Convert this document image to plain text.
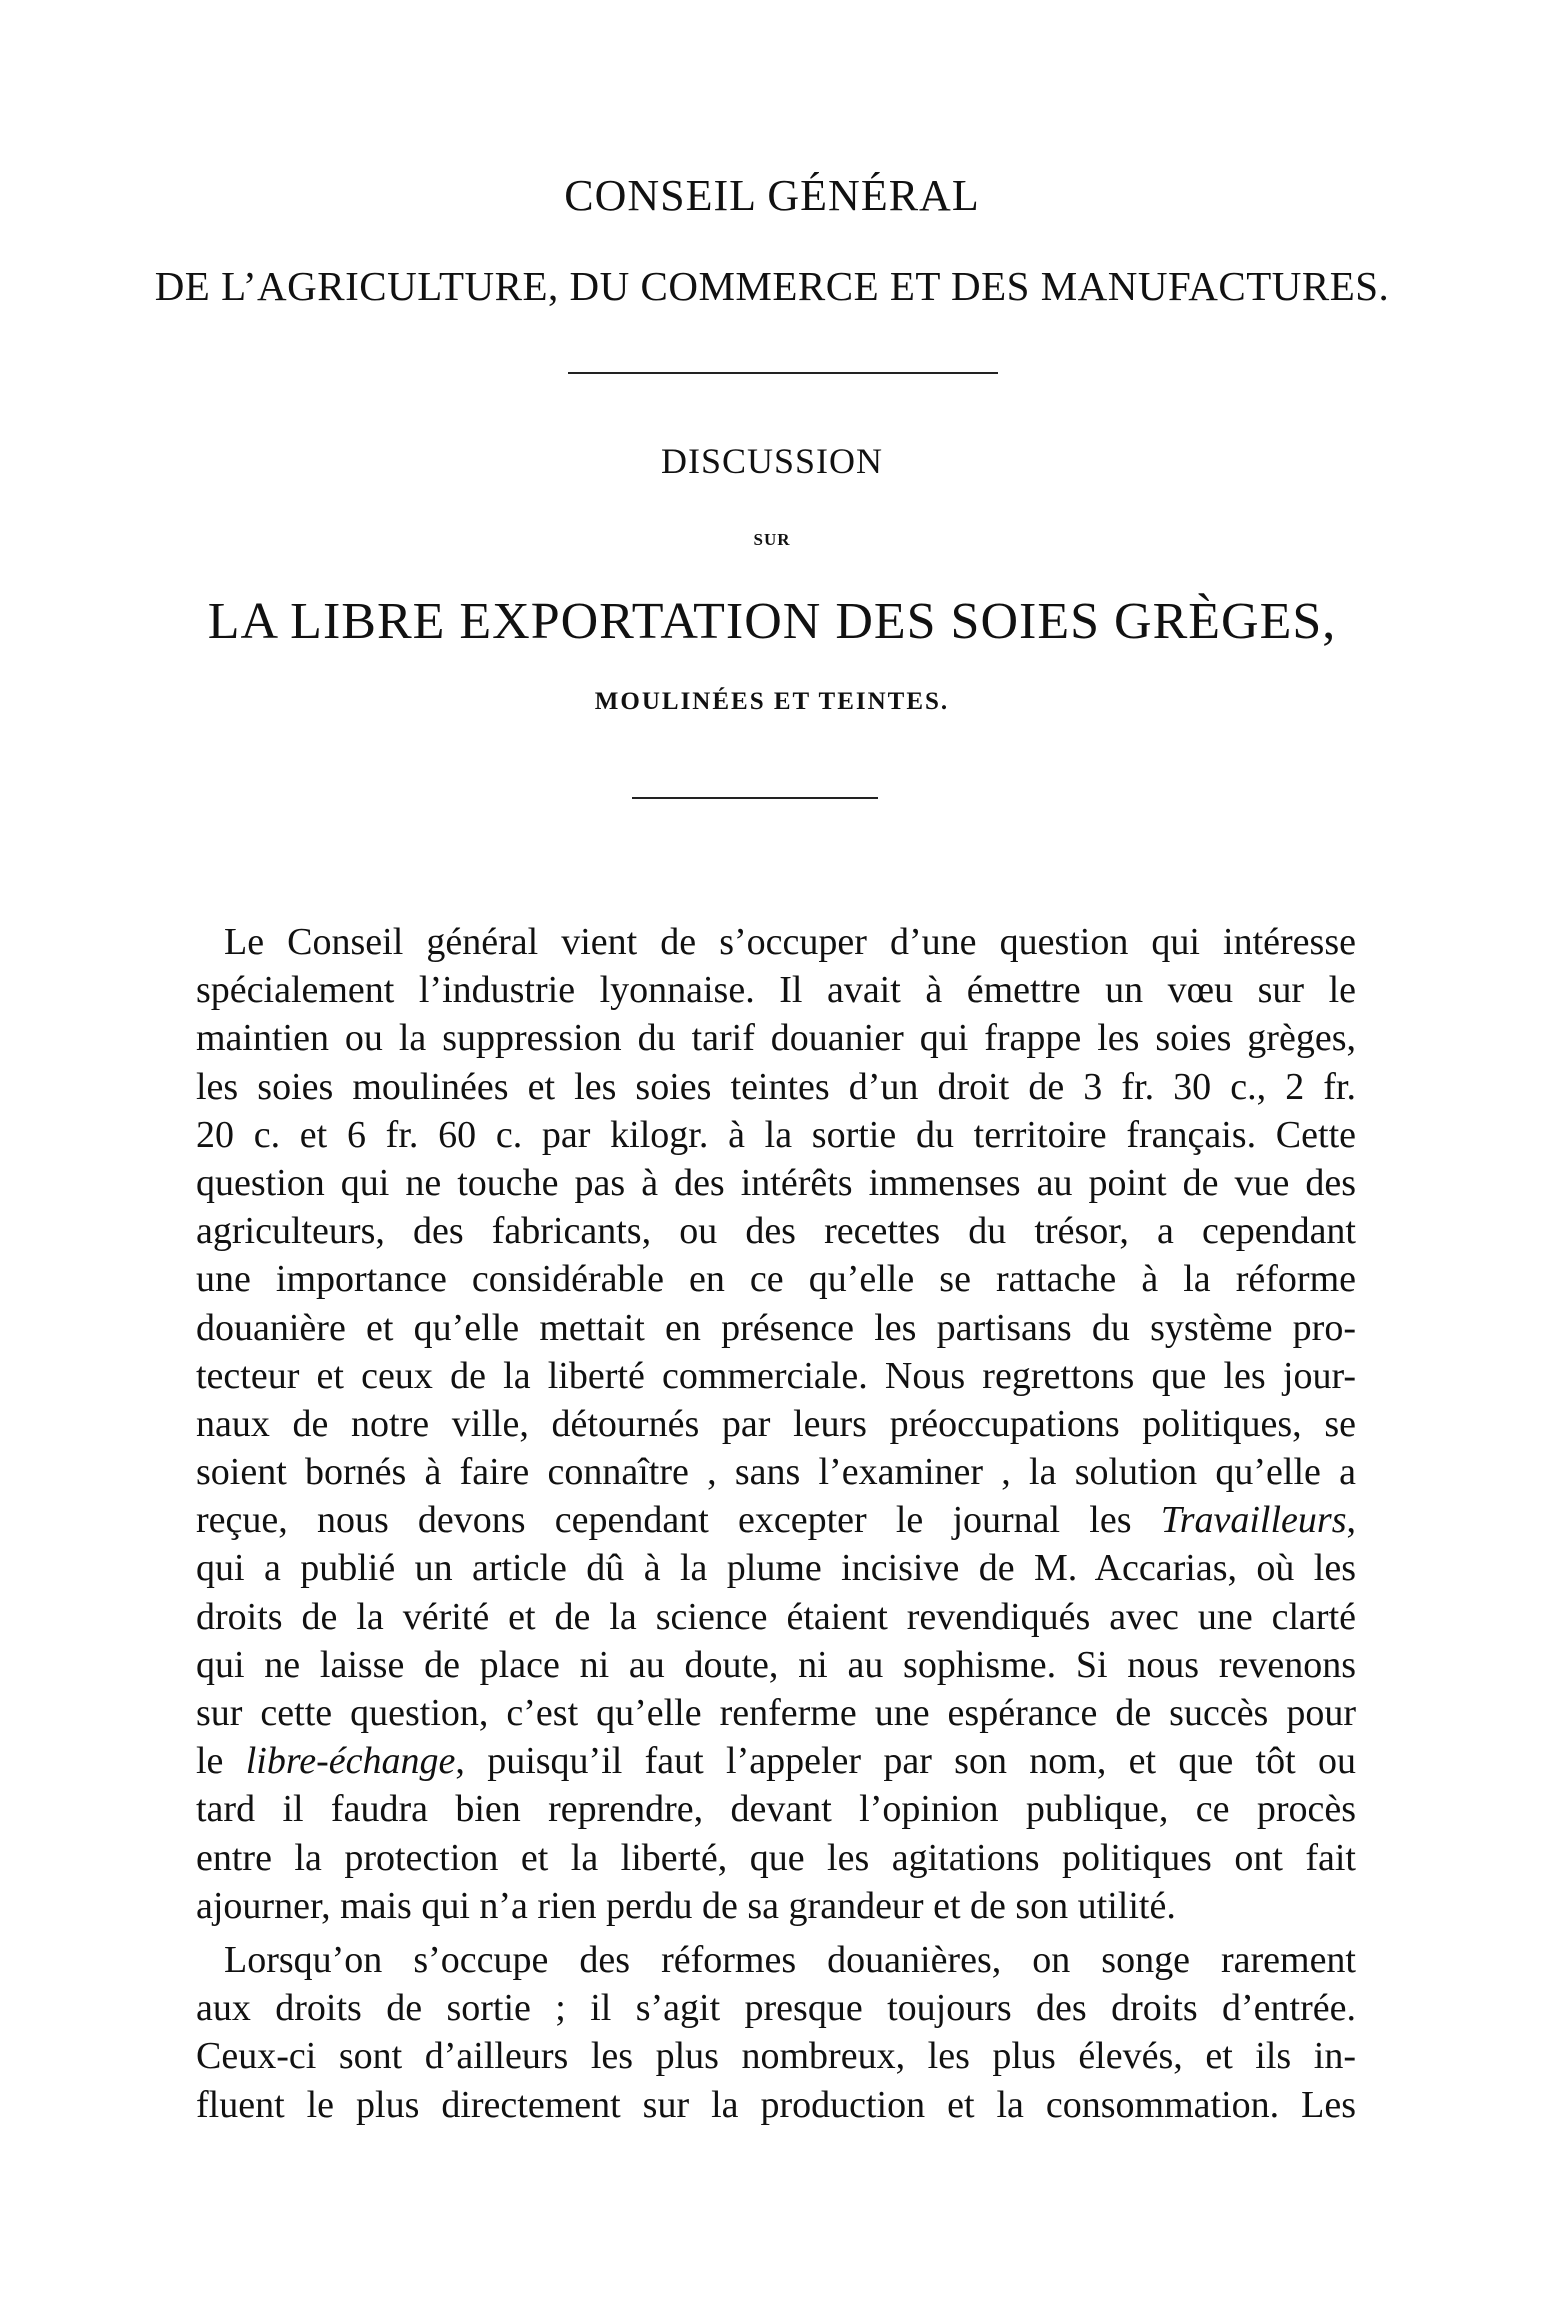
CONSEIL GÉNÉRAL
DE L’AGRICULTURE, DU COMMERCE ET DES MANUFACTURES.
DISCUSSION
SUR
LA LIBRE EXPORTATION DES SOIES GRÈGES,
MOULINÉES ET TEINTES.
Le Conseil général vient de s’occuper d’une question qui intéresse
spécialement l’industrie lyonnaise. Il avait à émettre un vœu sur le
maintien ou la suppression du tarif douanier qui frappe les soies grèges,
les soies moulinées et les soies teintes d’un droit de 3 fr. 30 c., 2 fr.
20 c. et 6 fr. 60 c. par kilogr. à la sortie du territoire français. Cette
question qui ne touche pas à des intérêts immenses au point de vue des
agriculteurs, des fabricants, ou des recettes du trésor, a cependant
une importance considérable en ce qu’elle se rattache à la réforme
douanière et qu’elle mettait en présence les partisans du système pro-
tecteur et ceux de la liberté commerciale. Nous regrettons que les jour-
naux de notre ville, détournés par leurs préoccupations politiques, se
soient bornés à faire connaître , sans l’examiner , la solution qu’elle a
reçue, nous devons cependant excepter le journal les Travailleurs,
qui a publié un article dû à la plume incisive de M. Accarias, où les
droits de la vérité et de la science étaient revendiqués avec une clarté
qui ne laisse de place ni au doute, ni au sophisme. Si nous revenons
sur cette question, c’est qu’elle renferme une espérance de succès pour
le libre-échange, puisqu’il faut l’appeler par son nom, et que tôt ou
tard il faudra bien reprendre, devant l’opinion publique, ce procès
entre la protection et la liberté, que les agitations politiques ont fait
ajourner, mais qui n’a rien perdu de sa grandeur et de son utilité.
Lorsqu’on s’occupe des réformes douanières, on songe rarement
aux droits de sortie ; il s’agit presque toujours des droits d’entrée.
Ceux-ci sont d’ailleurs les plus nombreux, les plus élevés, et ils in-
fluent le plus directement sur la production et la consommation. Les
